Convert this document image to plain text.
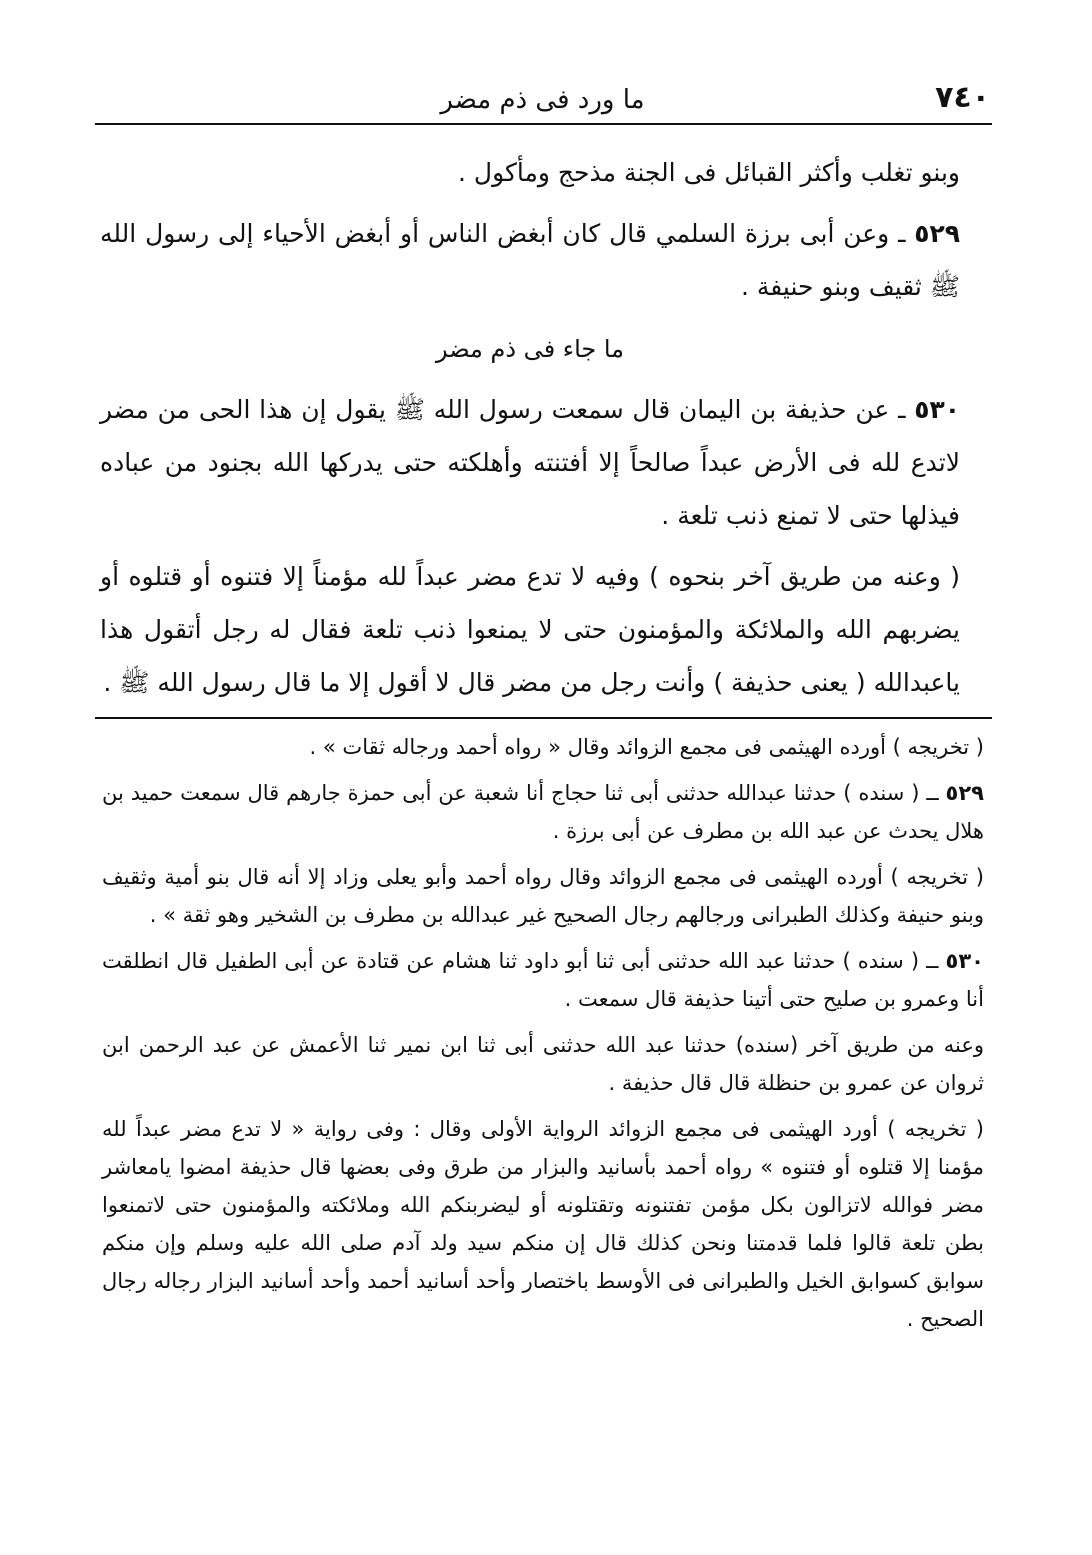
٧٤٠
ما ورد فى ذم مضر

وبنو تغلب وأكثر القبائل فى الجنة مذحج ومأكول .

٥٢٩ ـ وعن أبى برزة السلمي قال كان أبغض الناس أو أبغض الأحياء إلى رسول الله ﷺ ثقيف وبنو حنيفة .

ما جاء فى ذم مضر

٥٣٠ ـ عن حذيفة بن اليمان قال سمعت رسول الله ﷺ يقول إن هذا الحى من مضر لاتدع لله فى الأرض عبداً صالحاً إلا أفتنته وأهلكته حتى يدركها الله بجنود من عباده فيذلها حتى لا تمنع ذنب تلعة .

( وعنه من طريق آخر بنحوه ) وفيه لا تدع مضر عبداً لله مؤمناً إلا فتنوه أو قتلوه أو يضربهم الله والملائكة والمؤمنون حتى لا يمنعوا ذنب تلعة فقال له رجل أتقول هذا ياعبدالله ( يعنى حذيفة ) وأنت رجل من مضر قال لا أقول إلا ما قال رسول الله ﷺ .

( تخريجه ) أورده الهيثمى فى مجمع الزوائد وقال « رواه أحمد ورجاله ثقات » .

٥٢٩ ــ ( سنده ) حدثنا عبدالله حدثنى أبى ثنا حجاج أنا شعبة عن أبى حمزة جارهم قال سمعت حميد بن هلال يحدث عن عبد الله بن مطرف عن أبى برزة .

( تخريجه ) أورده الهيثمى فى مجمع الزوائد وقال رواه أحمد وأبو يعلى وزاد إلا أنه قال بنو أمية وثقيف وبنو حنيفة وكذلك الطبرانى ورجالهم رجال الصحيح غير عبدالله بن مطرف بن الشخير وهو ثقة » .

٥٣٠ ــ ( سنده ) حدثنا عبد الله حدثنى أبى ثنا أبو داود ثنا هشام عن قتادة عن أبى الطفيل قال انطلقت أنا وعمرو بن صليح حتى أتينا حذيفة قال سمعت .

وعنه من طريق آخر (سنده) حدثنا عبد الله حدثنى أبى ثنا ابن نمير ثنا الأعمش عن عبد الرحمن ابن ثروان عن عمرو بن حنظلة قال قال حذيفة .

( تخريجه ) أورد الهيثمى فى مجمع الزوائد الرواية الأولى وقال : وفى رواية « لا تدع مضر عبداً لله مؤمنا إلا قتلوه أو فتنوه » رواه أحمد بأسانيد والبزار من طرق وفى بعضها قال حذيفة امضوا يامعاشر مضر فوالله لاتزالون بكل مؤمن تفتنونه وتقتلونه أو ليضربنكم الله وملائكته والمؤمنون حتى لاتمنعوا بطن تلعة قالوا فلما قدمتنا ونحن كذلك قال إن منكم سيد ولد آدم صلى الله عليه وسلم وإن منكم سوابق كسوابق الخيل والطبرانى فى الأوسط باختصار وأحد أسانيد أحمد وأحد أسانيد البزار رجاله رجال الصحيح .
